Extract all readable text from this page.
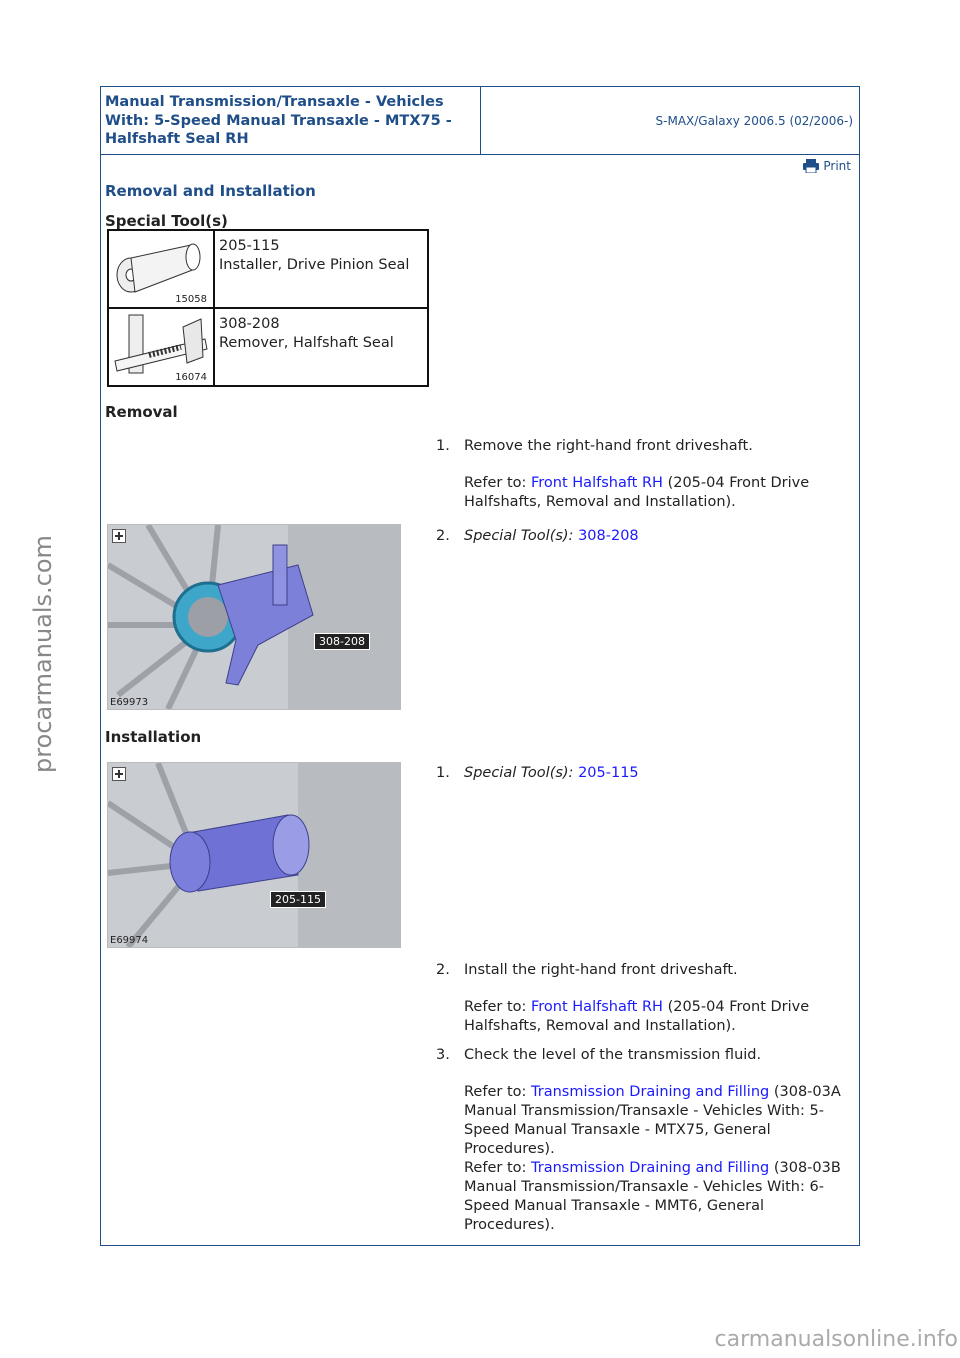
procarmanuals.com
Manual Transmission/Transaxle - Vehicles With: 5-Speed Manual Transaxle - MTX75 - Halfshaft Seal RH
S-MAX/Galaxy 2006.5 (02/2006-)
Print
Removal and Installation
Special Tool(s)
15058	205-115
Installer, Drive Pinion Seal

16074	308-208
Remover, Halfshaft Seal
Removal
1. Remove the right-hand front driveshaft.
Refer to: Front Halfshaft RH (205-04 Front Drive Halfshafts, Removal and Installation).
308-208
E69973
2. Special Tool(s): 308-208
Installation
205-115
E69974
1. Special Tool(s): 205-115
2. Install the right-hand front driveshaft.
Refer to: Front Halfshaft RH (205-04 Front Drive Halfshafts, Removal and Installation).
3. Check the level of the transmission fluid.
Refer to: Transmission Draining and Filling (308-03A Manual Transmission/Transaxle - Vehicles With: 5-Speed Manual Transaxle - MTX75, General Procedures).
Refer to: Transmission Draining and Filling (308-03B Manual Transmission/Transaxle - Vehicles With: 6-Speed Manual Transaxle - MMT6, General Procedures).
carmanualsonline.info
